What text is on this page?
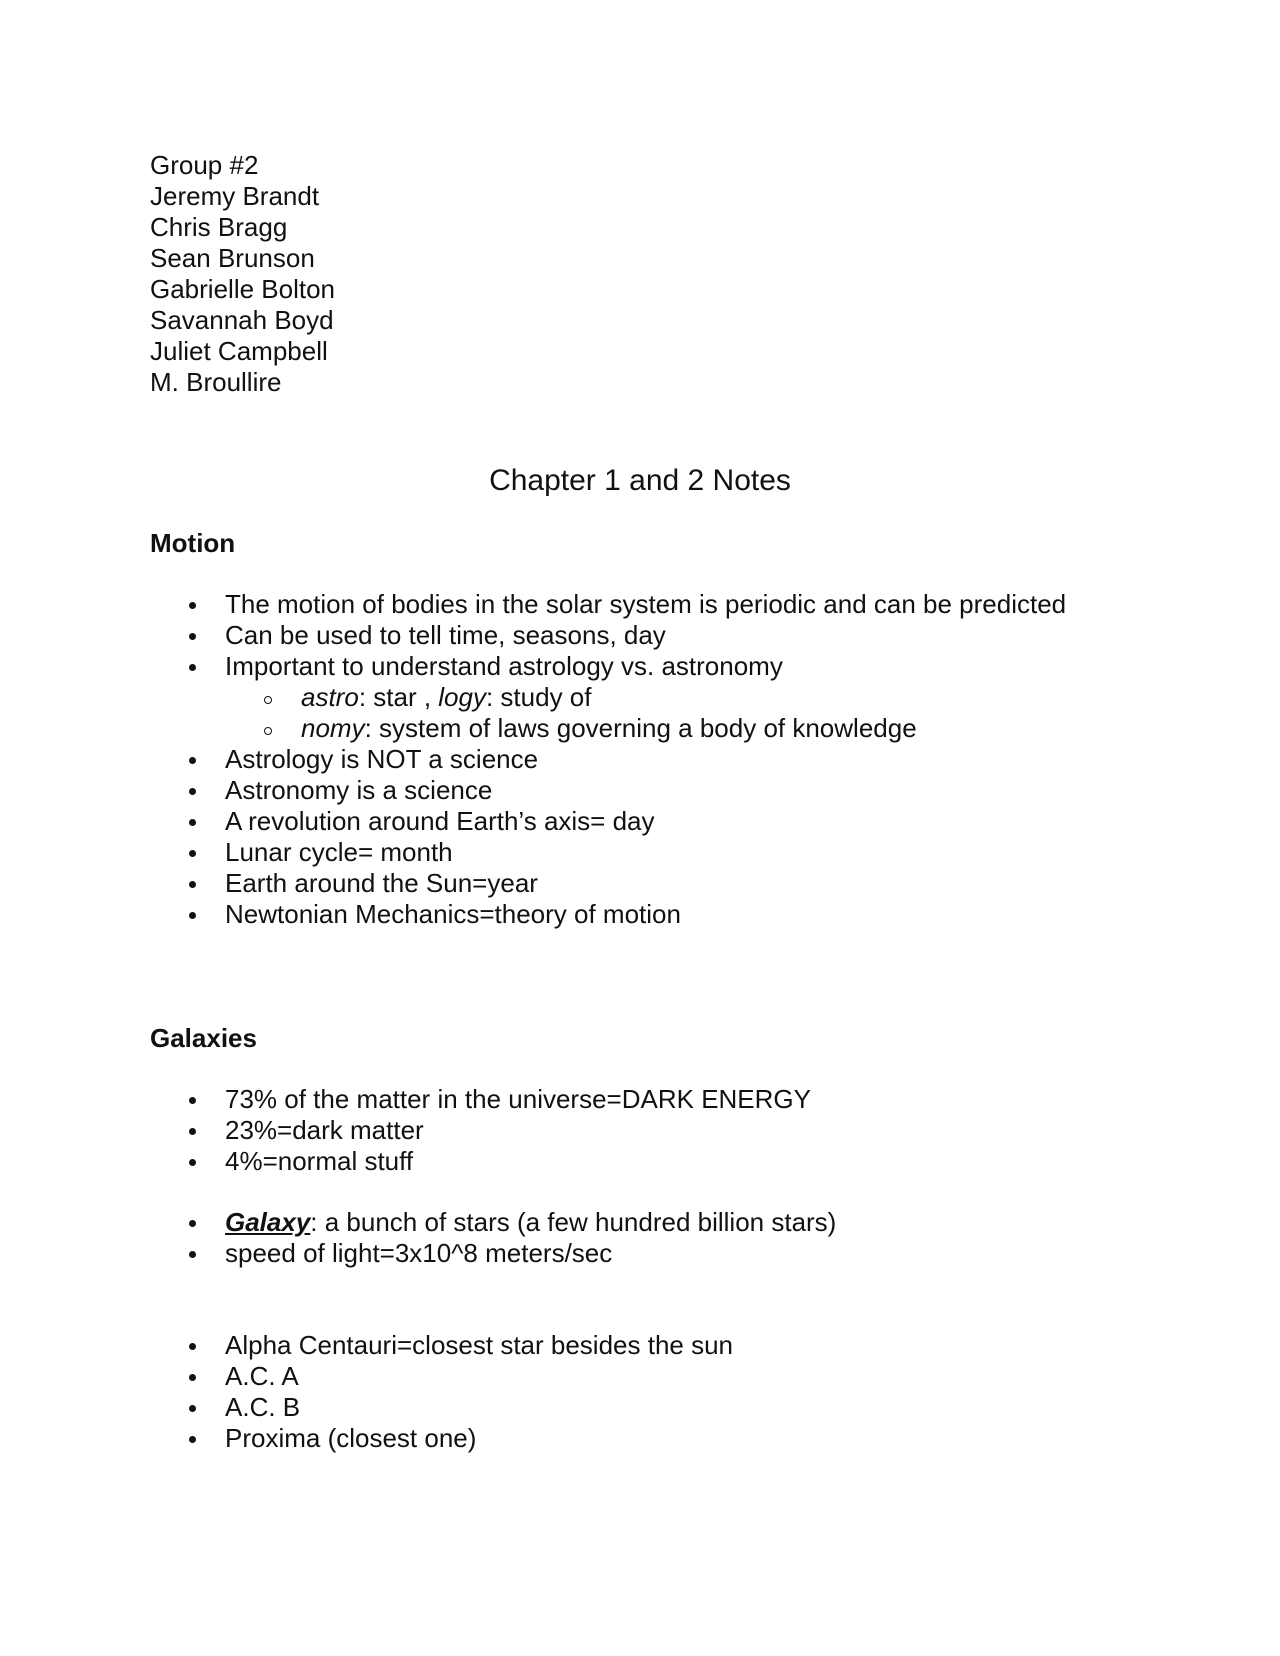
Group #2
Jeremy Brandt
Chris Bragg
Sean Brunson
Gabrielle Bolton
Savannah Boyd
Juliet Campbell
M. Broullire
Chapter 1 and 2 Notes
Motion
The motion of bodies in the solar system is periodic and can be predicted
Can be used to tell time, seasons, day
Important to understand astrology vs. astronomy
astro: star , logy: study of
nomy: system of laws governing a body of knowledge
Astrology is NOT a science
Astronomy is a science
A revolution around Earth’s axis= day
Lunar cycle= month
Earth around the Sun=year
Newtonian Mechanics=theory of motion
Galaxies
73% of the matter in the universe=DARK ENERGY
23%=dark matter
4%=normal stuff
Galaxy: a bunch of stars (a few hundred billion stars)
speed of light=3x10^8 meters/sec
Alpha Centauri=closest star besides the sun
A.C. A
A.C. B
Proxima (closest one)
